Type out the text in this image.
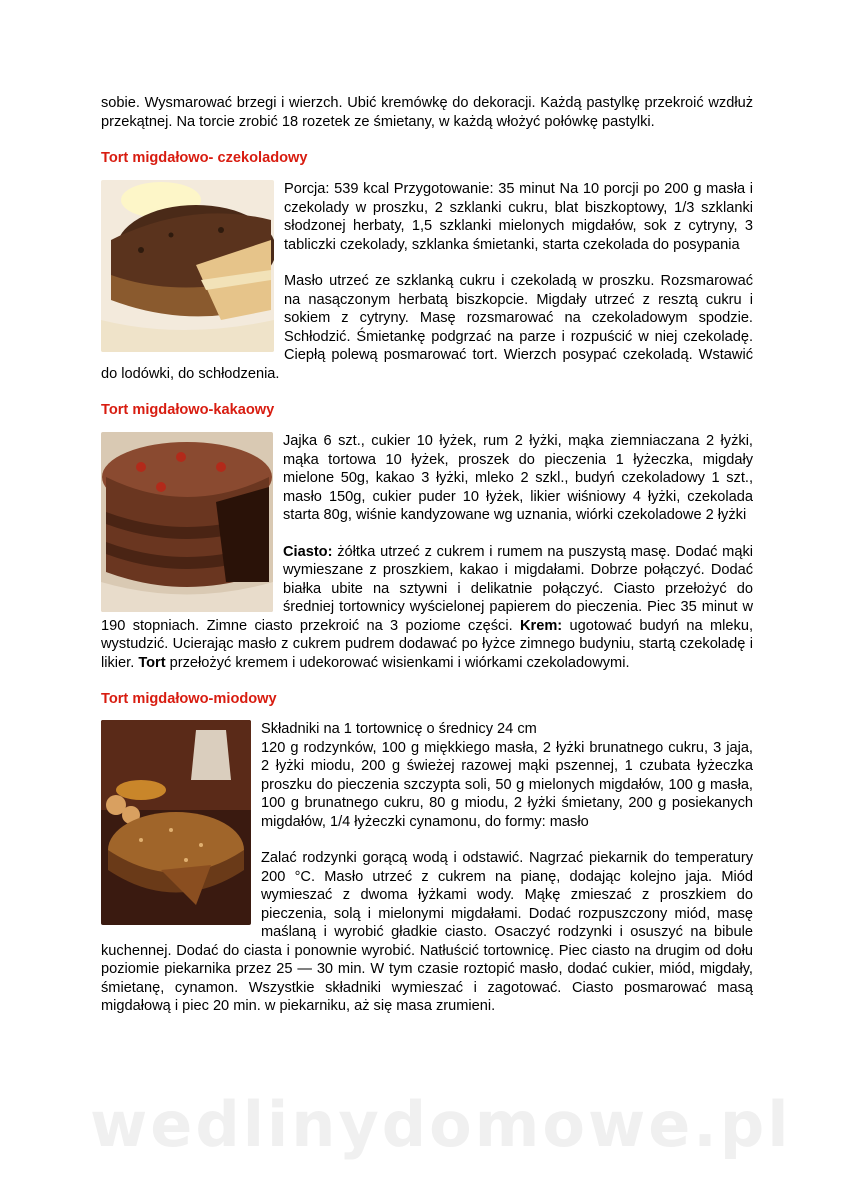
sobie. Wysmarować brzegi i wierzch. Ubić kremówkę do dekoracji. Każdą pastylkę przekroić wzdłuż przekątnej. Na torcie zrobić 18 rozetek ze śmietany, w każdą włożyć połówkę pastylki.

Tort migdałowo- czekoladowy

Porcja: 539 kcal Przygotowanie: 35 minut Na 10 porcji po 200 g masła i czekolady w proszku, 2 szklanki cukru, blat biszkoptowy, 1/3 szklanki słodzonej herbaty, 1,5 szklanki mielonych migdałów, sok z cytryny, 3 tabliczki czekolady, szklanka śmietanki, starta czekolada do posypania

Masło utrzeć ze szklanką cukru i czekoladą w proszku. Rozsmarować na nasączonym herbatą biszkopcie. Migdały utrzeć z resztą cukru i sokiem z cytryny. Masę rozsmarować na czekoladowym spodzie. Schłodzić. Śmietankę podgrzać na parze i rozpuścić w niej czekoladę. Ciepłą polewą posmarować tort. Wierzch posypać czekoladą. Wstawić do lodówki, do schłodzenia.

Tort migdałowo-kakaowy

Jajka 6 szt., cukier 10 łyżek, rum 2 łyżki, mąka ziemniaczana 2 łyżki, mąka tortowa 10 łyżek, proszek do pieczenia 1 łyżeczka, migdały mielone 50g, kakao 3 łyżki, mleko 2 szkl., budyń czekoladowy 1 szt., masło 150g, cukier puder 10 łyżek, likier wiśniowy 4 łyżki, czekolada starta 80g, wiśnie kandyzowane wg uznania, wiórki czekoladowe 2 łyżki

Ciasto: żółtka utrzeć z cukrem i rumem na puszystą masę. Dodać mąki wymieszane z proszkiem, kakao i migdałami. Dobrze połączyć. Dodać białka ubite na sztywni i delikatnie połączyć. Ciasto przełożyć do średniej tortownicy wyścielonej papierem do pieczenia. Piec 35 minut w 190 stopniach. Zimne ciasto przekroić na 3 poziome części. Krem: ugotować budyń na mleku, wystudzić. Ucierając masło z cukrem pudrem dodawać po łyżce zimnego budyniu, startą czekoladę i likier. Tort przełożyć kremem i udekorować wisienkami i wiórkami czekoladowymi.

Tort migdałowo-miodowy

Składniki na 1 tortownicę o średnicy 24 cm

120 g rodzynków, 100 g miękkiego masła, 2 łyżki brunatnego cukru, 3 jaja, 2 łyżki miodu, 200 g świeżej razowej mąki pszennej, 1 czubata łyżeczka proszku do pieczenia szczypta soli, 50 g mielonych migdałów, 100 g masła, 100 g brunatnego cukru, 80 g miodu, 2 łyżki śmietany, 200 g posiekanych migdałów, 1/4 łyżeczki cynamonu, do formy: masło

Zalać rodzynki gorącą wodą i odstawić. Nagrzać piekarnik do temperatury 200 °C. Masło utrzeć z cukrem na pianę, dodając kolejno jaja. Miód wymieszać z dwoma łyżkami wody. Mąkę zmieszać z proszkiem do pieczenia, solą i mielonymi migdałami. Dodać rozpuszczony miód, masę maślaną i wyrobić gładkie ciasto. Osaczyć rodzynki i osuszyć na bibule kuchennej. Dodać do ciasta i ponownie wyrobić. Natłuścić tortownicę. Piec ciasto na drugim od dołu poziomie piekarnika przez 25 — 30 min. W tym czasie roztopić masło, dodać cukier, miód, migdały, śmietanę, cynamon. Wszystkie składniki wymieszać i zagotować. Ciasto posmarować masą migdałową i piec 20 min. w piekarniku, aż się masa zrumieni.

wedlinydomowe.pl
